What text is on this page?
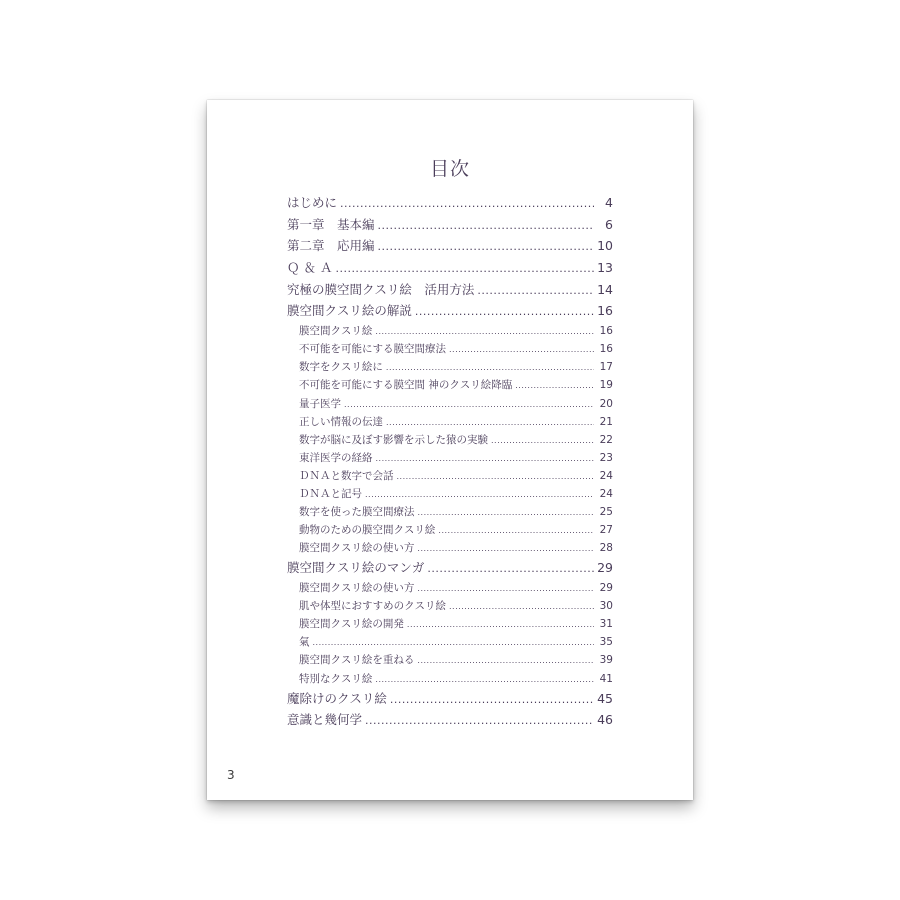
目次
はじめに .....	4
第一章　基本編 .....	6
第二章　応用編 .....	10
Ｑ ＆ Ａ .....	13
究極の膜空間クスリ絵　活用方法 .....	14
膜空間クスリ絵の解説 .....	16
膜空間クスリ絵 .....	16
不可能を可能にする膜空間療法 .....	16
数字をクスリ絵に .....	17
不可能を可能にする膜空間 神のクスリ絵降臨 .....	19
量子医学 .....	20
正しい情報の伝達 .....	21
数字が脳に及ぼす影響を示した猿の実験 .....	22
東洋医学の経絡 .....	23
ＤＮＡと数字で会話 .....	24
ＤＮＡと記号 .....	24
数字を使った膜空間療法 .....	25
動物のための膜空間クスリ絵 .....	27
膜空間クスリ絵の使い方 .....	28
膜空間クスリ絵のマンガ .....	29
膜空間クスリ絵の使い方 .....	29
肌や体型におすすめのクスリ絵 .....	30
膜空間クスリ絵の開発 .....	31
氣 .....	35
膜空間クスリ絵を重ねる .....	39
特別なクスリ絵 .....	41
魔除けのクスリ絵 .....	45
意識と幾何学 .....	46
3
